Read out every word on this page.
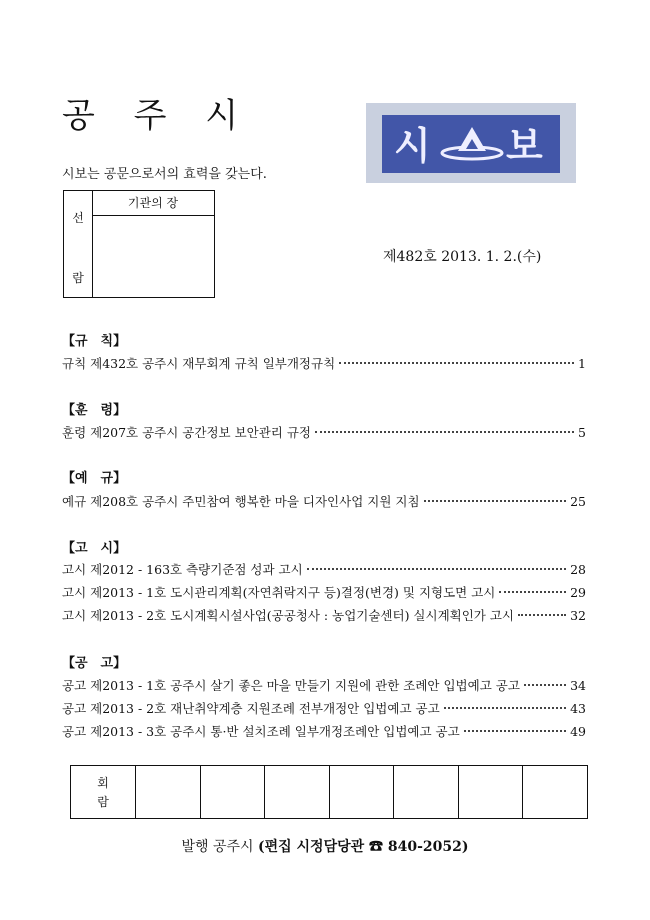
공 주 시
시보는 공문으로서의 효력을 갖는다.
선
람
기관의 장
시 보
제482호 2013. 1. 2.(수)
【규　칙】
규칙 제432호 공주시 재무회계 규칙 일부개정규칙	1
【훈　령】
훈령 제207호 공주시 공간정보 보안관리 규정	5
【예　규】
예규 제208호 공주시 주민참여 행복한 마을 디자인사업 지원 지침	25
【고　시】
고시 제2012 - 163호 측량기준점 성과 고시	28
고시 제2013 - 1호 도시관리계획(자연취락지구 등)결정(변경) 및 지형도면 고시	29
고시 제2013 - 2호 도시계획시설사업(공공청사 : 농업기술센터) 실시계획인가 고시	32
【공　고】
공고 제2013 - 1호 공주시 살기 좋은 마을 만들기 지원에 관한 조례안 입법예고 공고	34
공고 제2013 - 2호 재난취약계층 지원조례 전부개정안 입법예고 공고	43
공고 제2013 - 3호 공주시 통·반 설치조례 일부개정조례안 입법예고 공고	49
회
람
발행 공주시 (편집 시정담당관 ☎ 840-2052)
